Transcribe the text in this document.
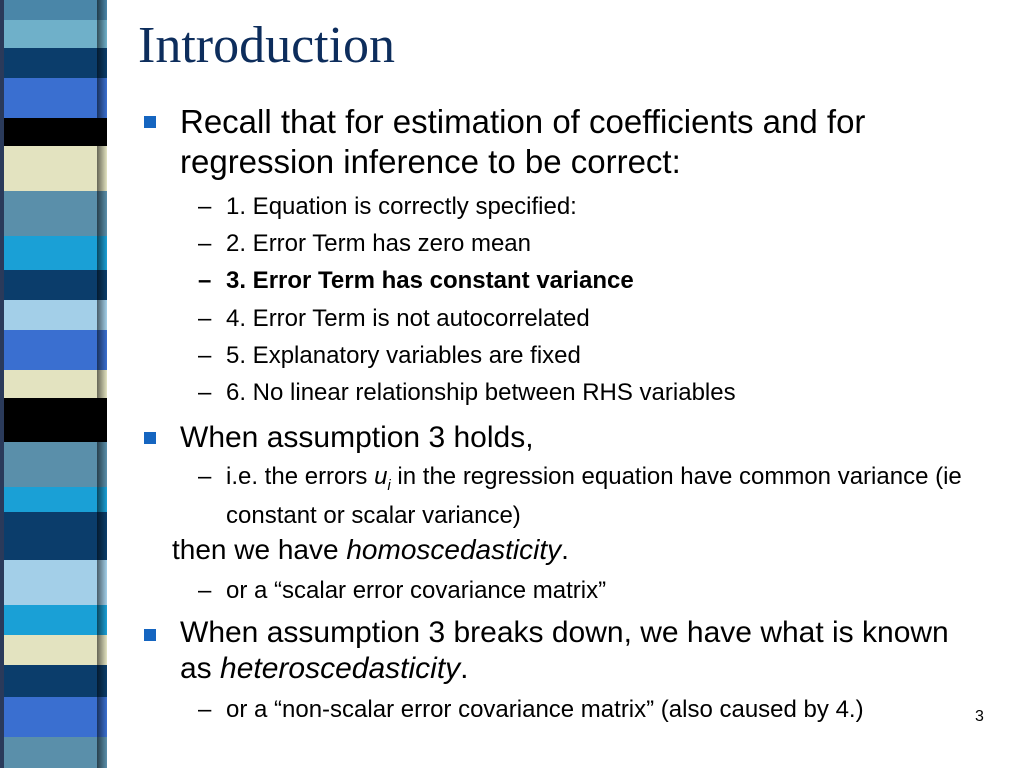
Introduction
Recall that for estimation of coefficients and for regression inference to be correct:
– 1. Equation is correctly specified:
– 2. Error Term has zero mean
– 3. Error Term has constant variance
– 4. Error Term is not autocorrelated
– 5. Explanatory variables are fixed
– 6. No linear relationship between RHS variables
When assumption 3 holds,
– i.e. the errors $u_i$ in the regression equation have common variance (ie constant or scalar variance)
then we have homoscedasticity.
– or a “scalar error covariance matrix”
When assumption 3 breaks down, we have what is known as heteroscedasticity.
– or a “non-scalar error covariance matrix” (also caused by 4.)	3
